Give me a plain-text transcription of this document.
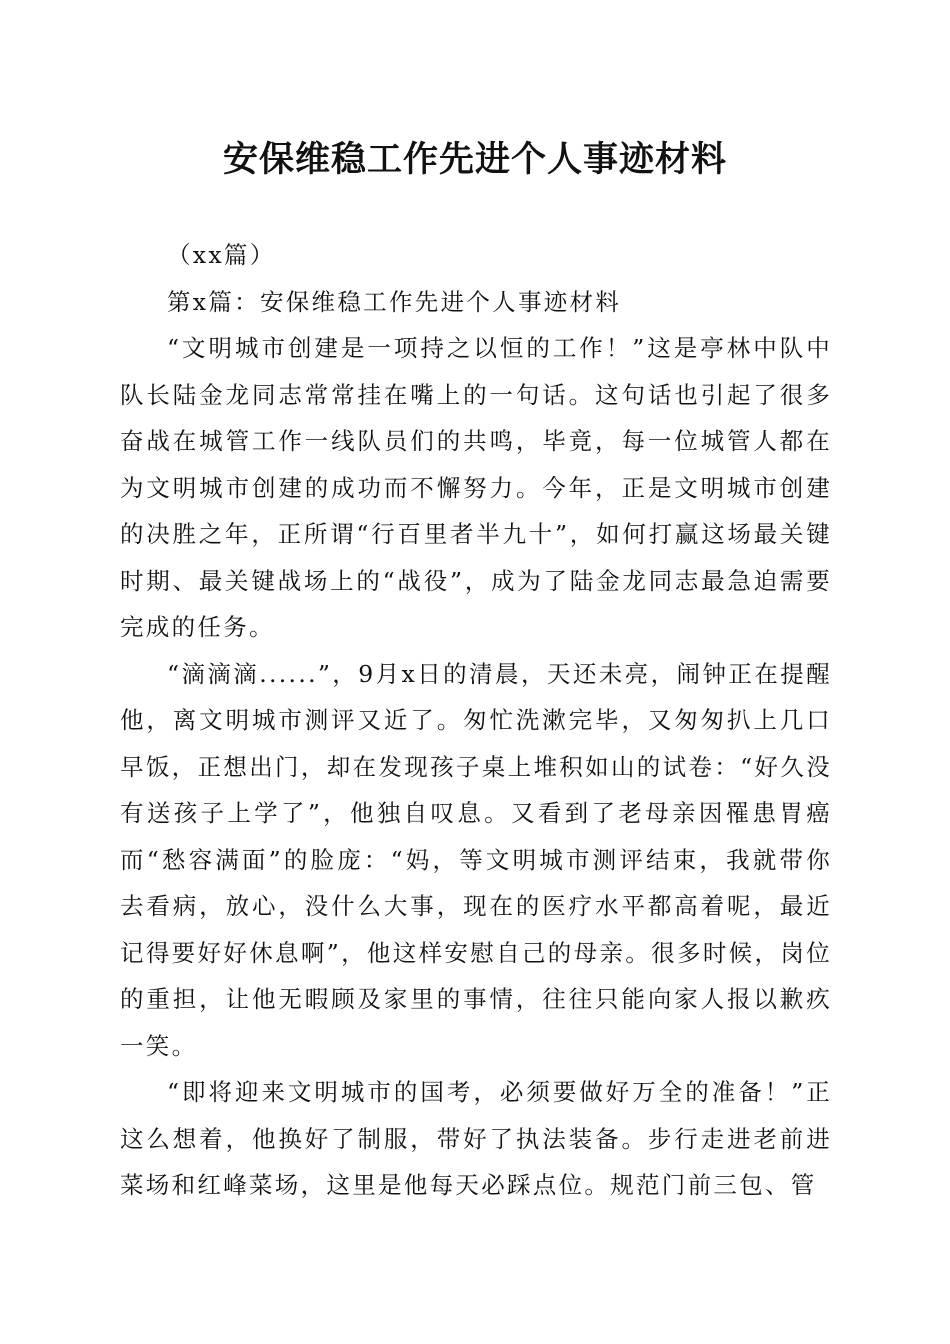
安保维稳工作先进个人事迹材料

（xx篇）

第x篇：安保维稳工作先进个人事迹材料

“文明城市创建是一项持之以恒的工作！”这是亭林中队中队长陆金龙同志常常挂在嘴上的一句话。这句话也引起了很多奋战在城管工作一线队员们的共鸣，毕竟，每一位城管人都在为文明城市创建的成功而不懈努力。今年，正是文明城市创建的决胜之年，正所谓“行百里者半九十”，如何打赢这场最关键时期、最关键战场上的“战役”，成为了陆金龙同志最急迫需要完成的任务。

“滴滴滴......”，9月x日的清晨，天还未亮，闹钟正在提醒他，离文明城市测评又近了。匆忙洗漱完毕，又匆匆扒上几口早饭，正想出门，却在发现孩子桌上堆积如山的试卷：“好久没有送孩子上学了”，他独自叹息。又看到了老母亲因罹患胃癌而“愁容满面”的脸庞：“妈，等文明城市测评结束，我就带你去看病，放心，没什么大事，现在的医疗水平都高着呢，最近记得要好好休息啊”，他这样安慰自己的母亲。很多时候，岗位的重担，让他无暇顾及家里的事情，往往只能向家人报以歉疚一笑。

“即将迎来文明城市的国考，必须要做好万全的准备！”正这么想着，他换好了制服，带好了执法装备。步行走进老前进菜场和红峰菜场，这里是他每天必踩点位。规范门前三包、管
